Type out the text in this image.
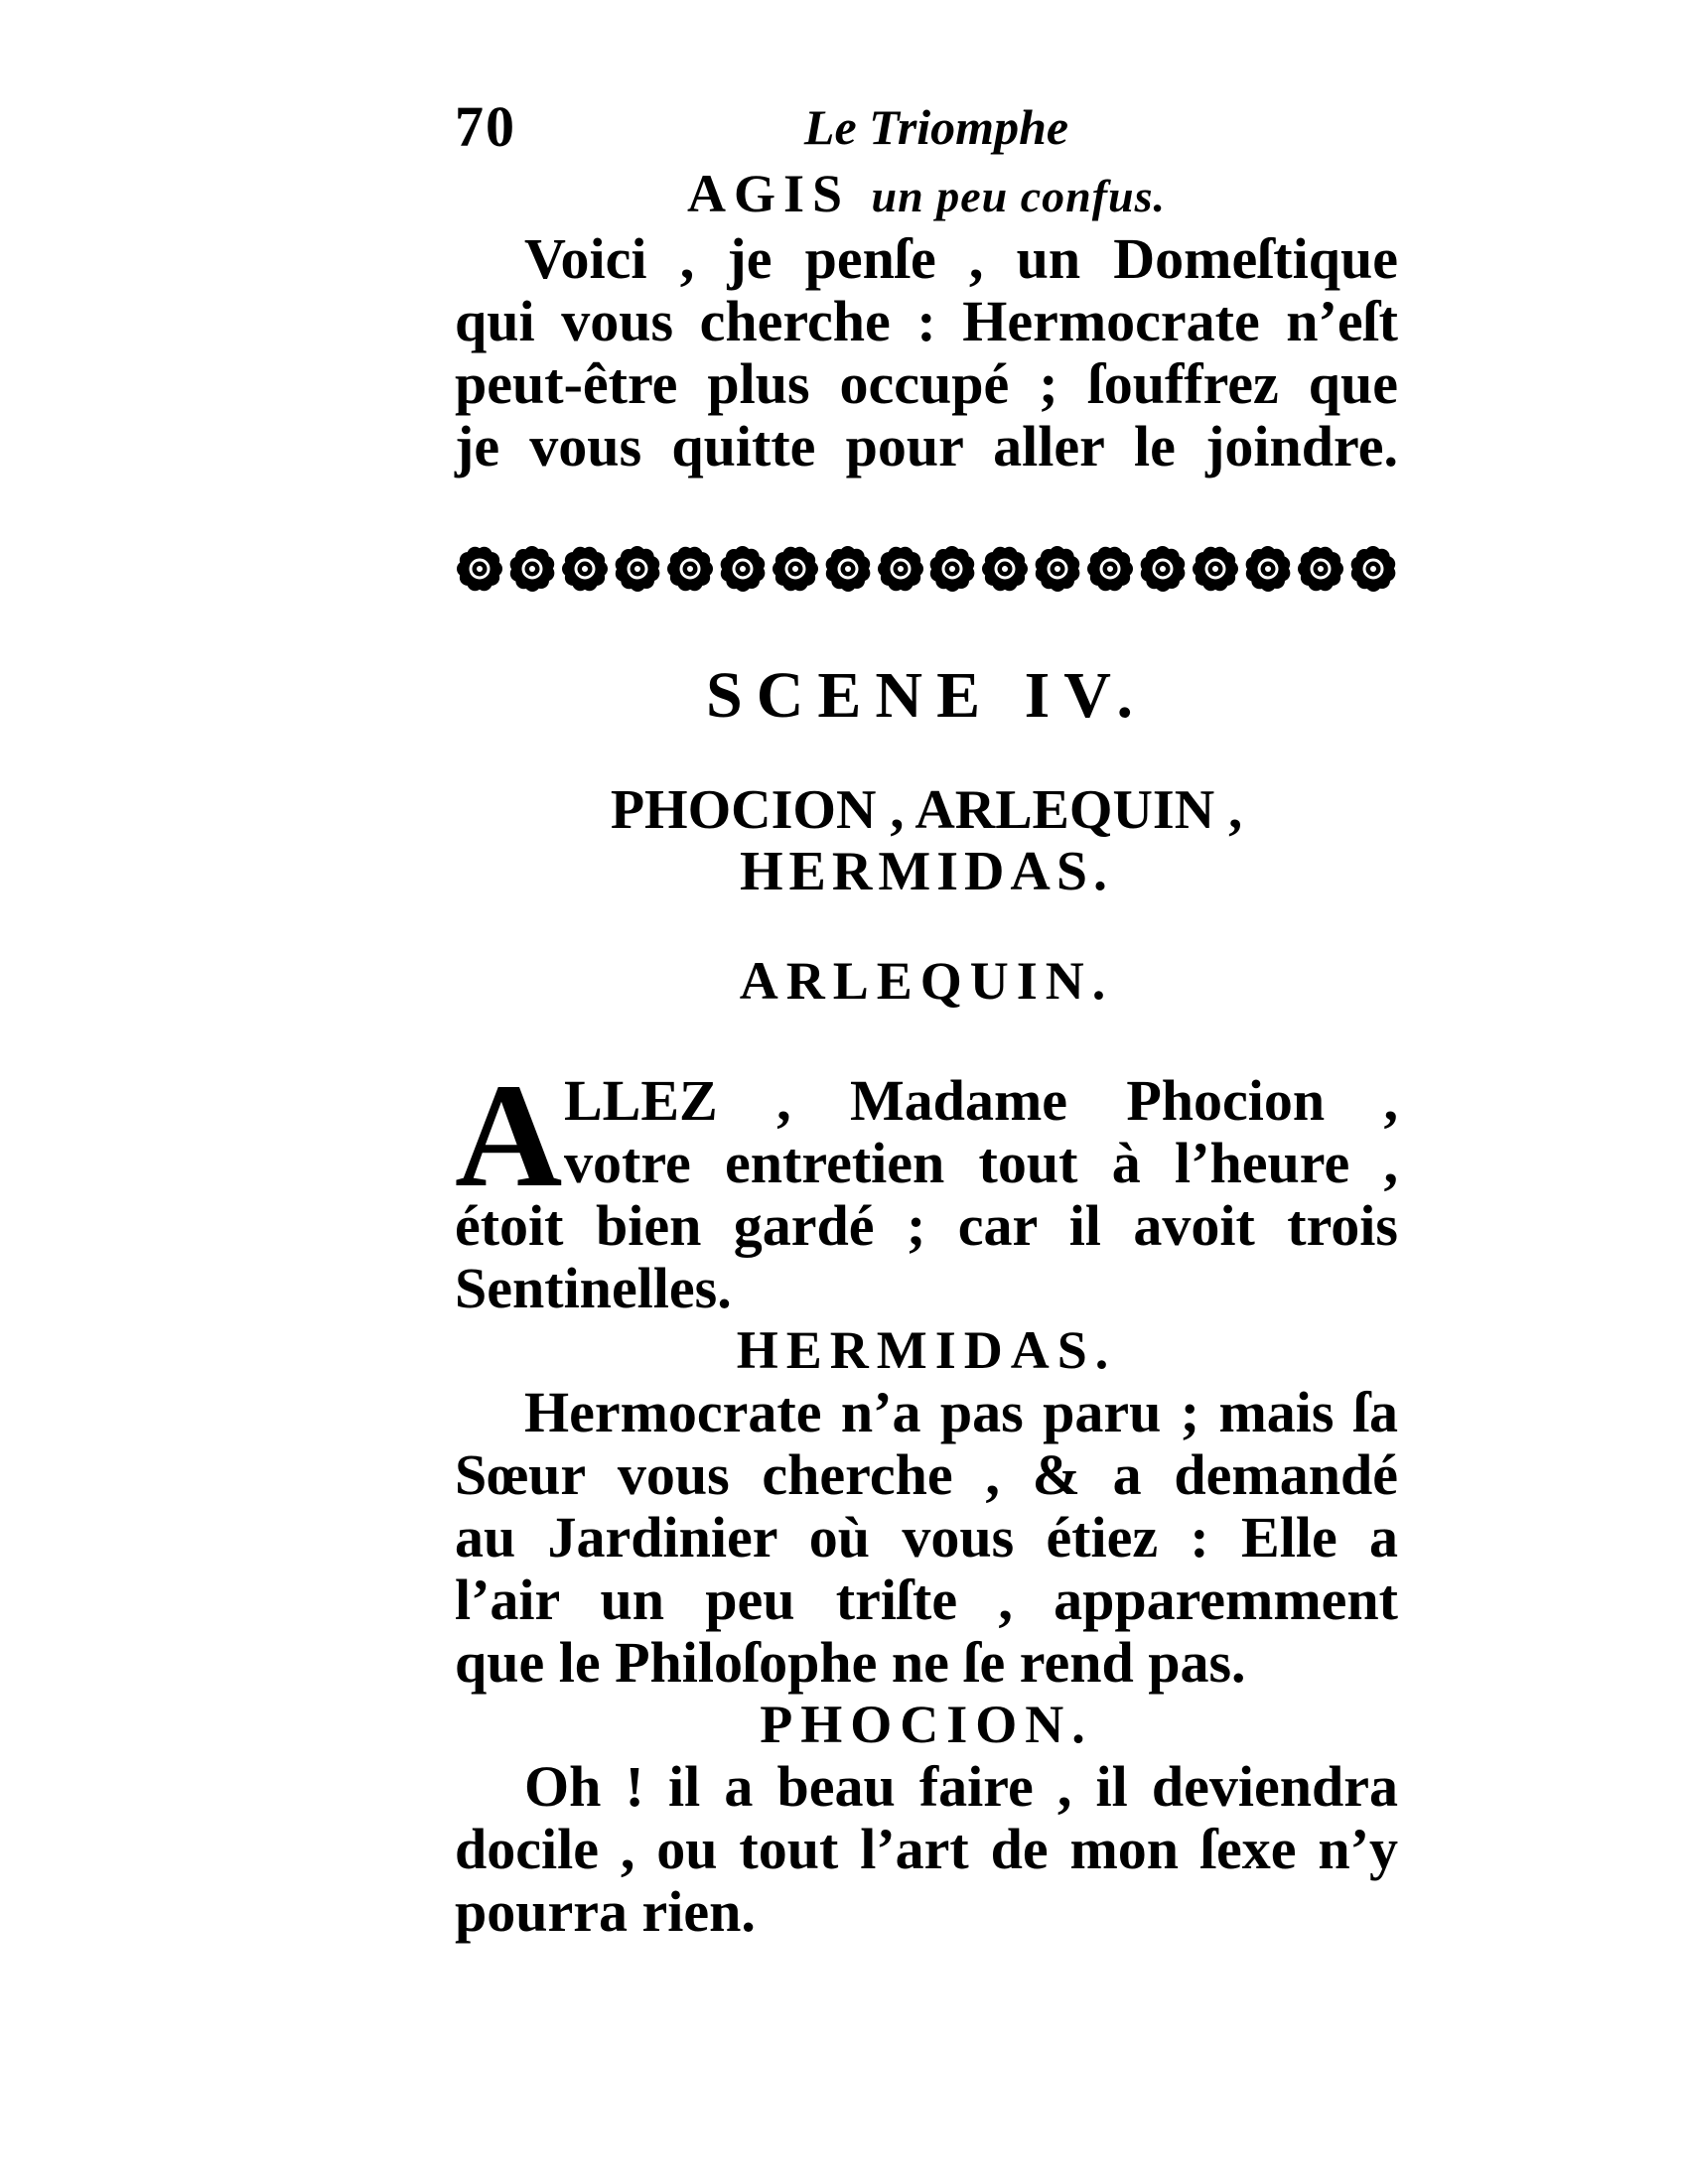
70	Le Triomphe
AGIS un peu confus.
Voici , je penſe , un Domeſtique
qui vous cherche : Hermocrate n’eſt
peut-être plus occupé ; ſouffrez que
je vous quitte pour aller le joindre.
SCENE IV.
PHOCION , ARLEQUIN ,
HERMIDAS.
ARLEQUIN.
A LLEZ , Madame Phocion ,
votre entretien tout à l’heure ,
étoit bien gardé ; car il avoit trois
Sentinelles.
HERMIDAS.
Hermocrate n’a pas paru ; mais ſa
Sœur vous cherche , & a demandé
au Jardinier où vous étiez : Elle a
l’air un peu triſte , apparemment
que le Philoſophe ne ſe rend pas.
PHOCION.
Oh ! il a beau faire , il deviendra
docile , ou tout l’art de mon ſexe n’y
pourra rien.
